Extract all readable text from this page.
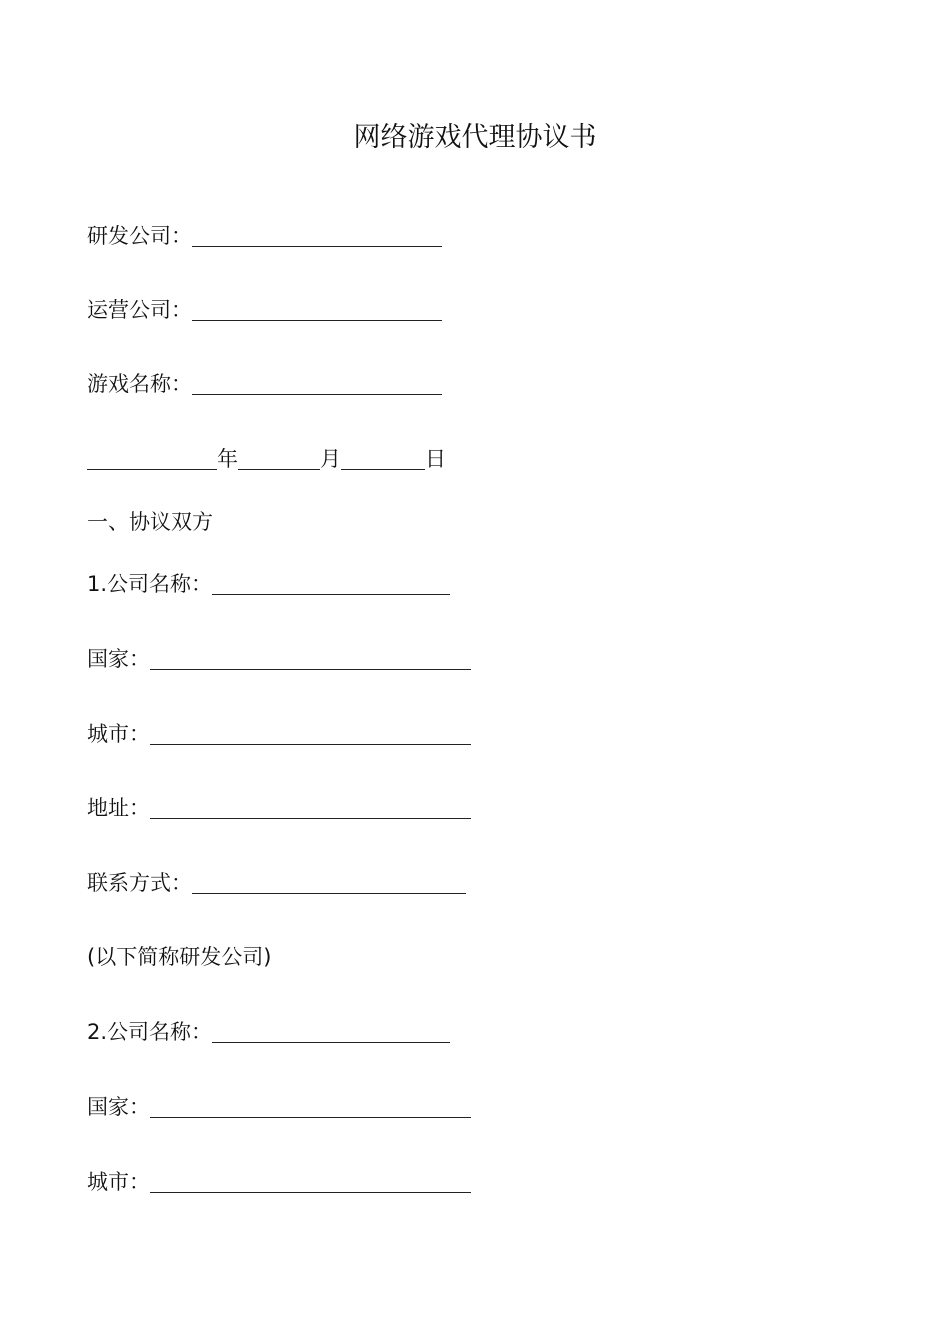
网络游戏代理协议书
研发公司：
运营公司：
游戏名称：
年	月	日
一、协议双方
1.公司名称：
国家：
城市：
地址：
联系方式：
(以下简称研发公司)
2.公司名称：
国家：
城市：
